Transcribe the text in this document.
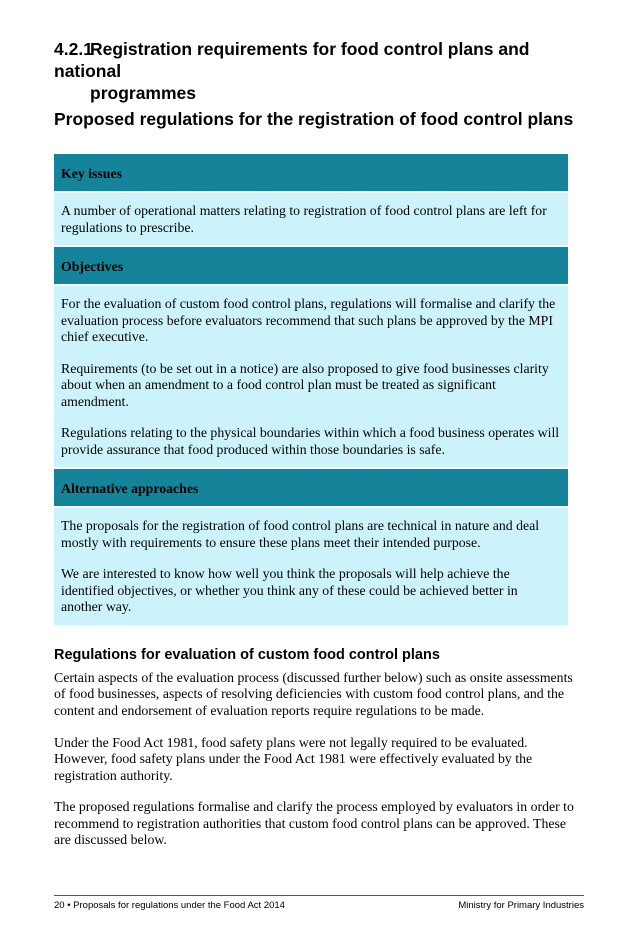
4.2.1Registration requirements for food control plans and national
programmes
Proposed regulations for the registration of food control plans
Key issues

A number of operational matters relating to registration of food control plans are left for regulations to prescribe.

Objectives

For the evaluation of custom food control plans, regulations will formalise and clarify the evaluation process before evaluators recommend that such plans be approved by the MPI chief executive.

Requirements (to be set out in a notice) are also proposed to give food businesses clarity about when an amendment to a food control plan must be treated as significant amendment.

Regulations relating to the physical boundaries within which a food business operates will provide assurance that food produced within those boundaries is safe.

Alternative approaches

The proposals for the registration of food control plans are technical in nature and deal mostly with requirements to ensure these plans meet their intended purpose.

We are interested to know how well you think the proposals will help achieve the identified objectives, or whether you think any of these could be achieved better in another way.

Regulations for evaluation of custom food control plans

Certain aspects of the evaluation process (discussed further below) such as onsite assessments of food businesses, aspects of resolving deficiencies with custom food control plans, and the content and endorsement of evaluation reports require regulations to be made.

Under the Food Act 1981, food safety plans were not legally required to be evaluated. However, food safety plans under the Food Act 1981 were effectively evaluated by the registration authority.

The proposed regulations formalise and clarify the process employed by evaluators in order to recommend to registration authorities that custom food control plans can be approved. These are discussed below.

20 • Proposals for regulations under the Food Act 2014	Ministry for Primary Industries
